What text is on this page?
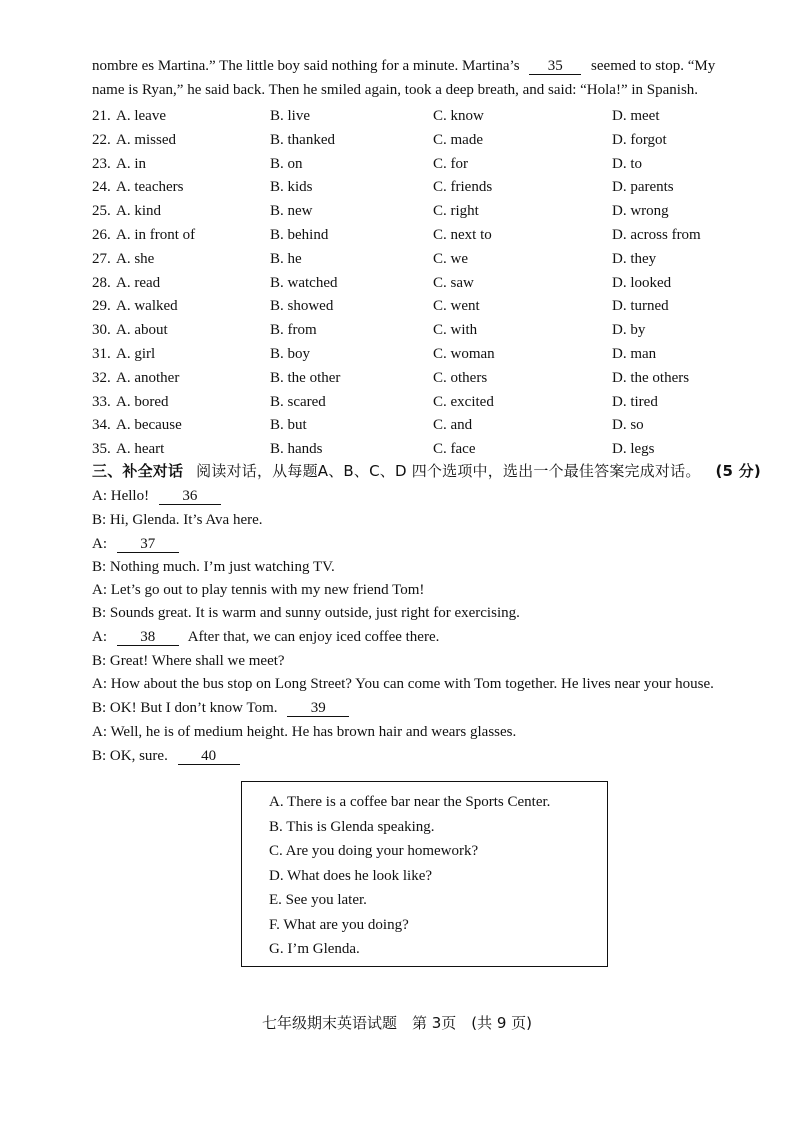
nombre es Martina.” The little boy said nothing for a minute. Martina’s 35 seemed to stop. “My
name is Ryan,” he said back. Then he smiled again, took a deep breath, and said: “Hola!” in Spanish.
21. A. leave	B. live	C. know	D. meet
22. A. missed	B. thanked	C. made	D. forgot
23. A. in	B. on	C. for	D. to
24. A. teachers	B. kids	C. friends	D. parents
25. A. kind	B. new	C. right	D. wrong
26. A. in front of	B. behind	C. next to	D. across from
27. A. she	B. he	C. we	D. they
28. A. read	B. watched	C. saw	D. looked
29. A. walked	B. showed	C. went	D. turned
30. A. about	B. from	C. with	D. by
31. A. girl	B. boy	C. woman	D. man
32. A. another	B. the other	C. others	D. the others
33. A. bored	B. scared	C. excited	D. tired
34. A. because	B. but	C. and	D. so
35. A. heart	B. hands	C. face	D. legs
三、补全对话 阅读对话，从每题A、B、C、D 四个选项中，选出一个最佳答案完成对话。 (5 分)
A: Hello! 36
B: Hi, Glenda. It’s Ava here.
A: 37
B: Nothing much. I’m just watching TV.
A: Let’s go out to play tennis with my new friend Tom!
B: Sounds great. It is warm and sunny outside, just right for exercising.
A: 38 After that, we can enjoy iced coffee there.
B: Great! Where shall we meet?
A: How about the bus stop on Long Street? You can come with Tom together. He lives near your house.
B: OK! But I don’t know Tom. 39
A: Well, he is of medium height. He has brown hair and wears glasses.
B: OK, sure. 40
A. There is a coffee bar near the Sports Center.
B. This is Glenda speaking.
C. Are you doing your homework?
D. What does he look like?
E. See you later.
F. What are you doing?
G. I’m Glenda.
七年级期末英语试题　第 3页　(共 9 页)
